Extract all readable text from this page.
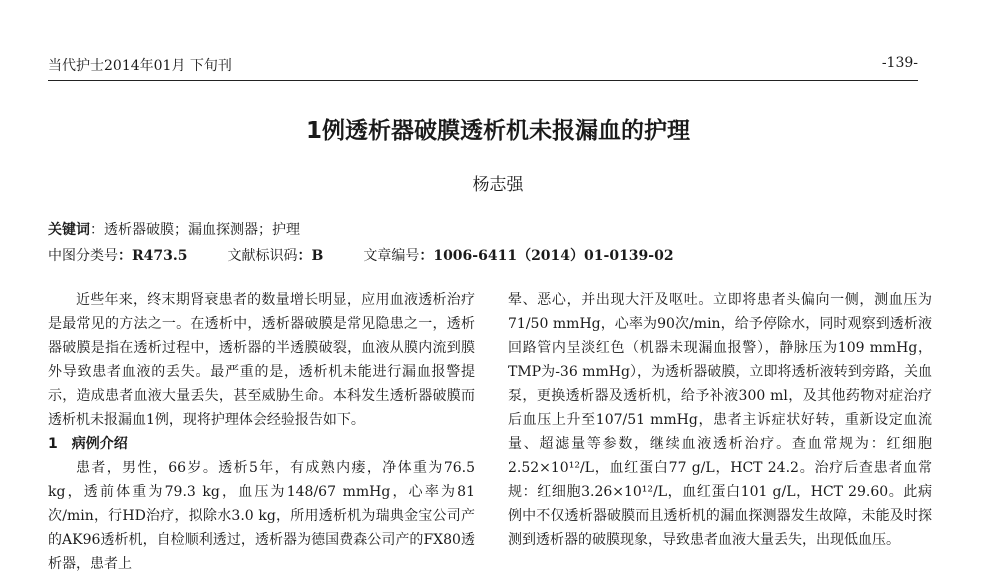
当代护士2014年01月 下旬刊	-139-
1例透析器破膜透析机未报漏血的护理
杨志强
关键词：透析器破膜；漏血探测器；护理
中图分类号：R473.5	文献标识码：B	文章编号：1006-6411（2014）01-0139-02

近些年来，终末期肾衰患者的数量增长明显，应用血液透析治疗是最常见的方法之一。在透析中，透析器破膜是常见隐患之一，透析器破膜是指在透析过程中，透析器的半透膜破裂，血液从膜内流到膜外导致患者血液的丢失。最严重的是，透析机未能进行漏血报警提示，造成患者血液大量丢失，甚至威胁生命。本科发生透析器破膜而透析机未报漏血1例，现将护理体会经验报告如下。

1　病例介绍

患者，男性，66岁。透析5年，有成熟内瘘，净体重为76.5 kg，透前体重为79.3 kg，血压为148/67 mmHg，心率为81次/min，行HD治疗，拟除水3.0 kg，所用透析机为瑞典金宝公司产的AK96透析机，自检顺利透过，透析器为德国费森公司产的FX80透析器，患者上

晕、恶心，并出现大汗及呕吐。立即将患者头偏向一侧，测血压为71/50 mmHg，心率为90次/min，给予停除水，同时观察到透析液回路管内呈淡红色（机器未现漏血报警），静脉压为109 mmHg，TMP为-36 mmHg），为透析器破膜，立即将透析液转到旁路，关血泵，更换透析器及透析机，给予补液300 ml，及其他药物对症治疗后血压上升至107/51 mmHg，患者主诉症状好转，重新设定血流量、超滤量等参数，继续血液透析治疗。查血常规为：红细胞2.52×10¹²/L，血红蛋白77 g/L，HCT 24.2。治疗后查患者血常规：红细胞3.26×10¹²/L，血红蛋白101 g/L，HCT 29.60。此病例中不仅透析器破膜而且透析机的漏血探测器发生故障，未能及时探测到透析器的破膜现象，导致患者血液大量丢失，出现低血压。
